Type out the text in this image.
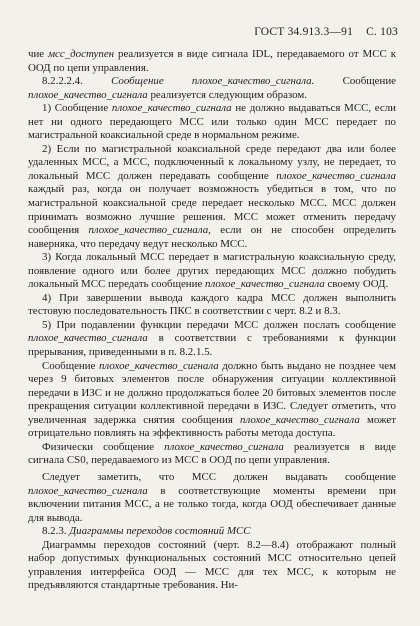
ГОСТ 34.913.3—91 С. 103

чие мсс_доступен реализуется в виде сигнала IDL, передаваемого от МСС к ООД по цепи управления.

8.2.2.2.4. Сообщение плохое_качество_сигнала. Сообщение плохое_качество_сигнала реализуется следующим образом.

1) Сообщение плохое_качество_сигнала не должно выдаваться МСС, если нет ни одного передающего МСС или только один МСС передает по магистральной коаксиальной среде в нормальном режиме.

2) Если по магистральной коаксиальной среде передают два или более удаленных МСС, а МСС, подключенный к локальному узлу, не передает, то локальный МСС должен передавать сообщение плохое_качество_сигнала каждый раз, когда он получает возможность убедиться в том, что по магистральной коаксиальной среде передает несколько МСС. МСС должен принимать возможно лучшие решения. МСС может отменить передачу сообщения плохое_качество_сигнала, если он не способен определить наверняка, что передачу ведут несколько МСС.

3) Когда локальный МСС передает в магистральную коаксиальную среду, появление одного или более других передающих МСС должно побудить локальный МСС передать сообщение плохое_качество_сигнала своему ООД.

4) При завершении вывода каждого кадра МСС должен выполнить тестовую последовательность ПКС в соответствии с черт. 8.2 и 8.3.

5) При подавлении функции передачи МСС должен послать сообщение плохое_качество_сигнала в соответствии с требованиями к функции прерывания, приведенными в п. 8.2.1.5.

Сообщение плохое_качество_сигнала должно быть выдано не позднее чем через 9 битовых элементов после обнаружения ситуации коллективной передачи в ИЗС и не должно продолжаться более 20 битовых элементов после прекращения ситуации коллективной передачи в ИЗС. Следует отметить, что увеличенная задержка снятия сообщения плохое_качество_сигнала может отрицательно повлиять на эффективность работы метода доступа.

Физически сообщение плохое_качество_сигнала реализуется в виде сигнала CS0, передаваемого из МСС в ООД по цепи управления.

Следует заметить, что МСС должен выдавать сообщение плохое_качество_сигнала в соответствующие моменты времени при включении питания МСС, а не только тогда, когда ООД обеспечивает данные для вывода.

8.2.3. Диаграммы переходов состояний МСС

Диаграммы переходов состояний (черт. 8.2—8.4) отображают полный набор допустимых функциональных состояний МСС относительно цепей управления интерфейса ООД — МСС для тех МСС, к которым не предъявляются стандартные требования. Ни-
